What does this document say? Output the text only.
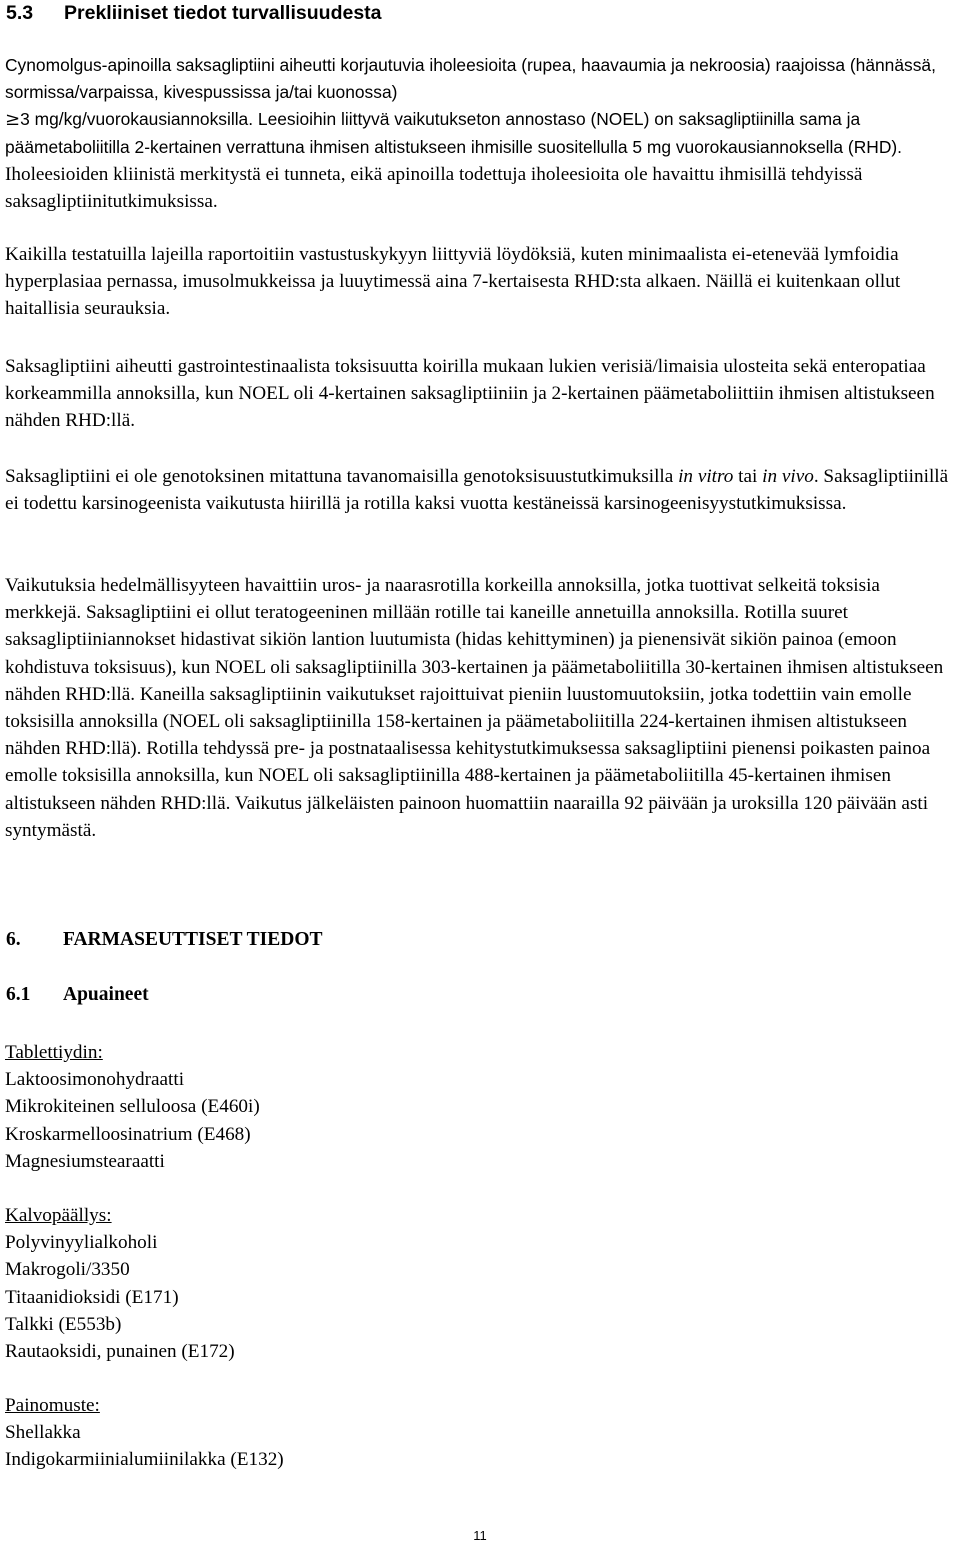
5.3 Prekliiniset tiedot turvallisuudesta

Cynomolgus-apinoilla saksagliptiini aiheutti korjautuvia iholeesioita (rupea, haavaumia ja nekroosia) raajoissa (hännässä, sormissa/varpaissa, kivespussissa ja/tai kuonossa)
≥3 mg/kg/vuorokausiannoksilla. Leesioihin liittyvä vaikutukseton annostaso (NOEL) on saksagliptiinilla sama ja päämetaboliitilla 2-kertainen verrattuna ihmisen altistukseen ihmisille suositellulla 5 mg vuorokausiannoksella (RHD). Iholeesioiden kliinistä merkitystä ei tunneta, eikä apinoilla todettuja iholeesioita ole havaittu ihmisillä tehdyissä saksagliptiinitutkimuksissa.

Kaikilla testatuilla lajeilla raportoitiin vastustuskykyyn liittyviä löydöksiä, kuten minimaalista ei-etenevää lymfoidia hyperplasiaa pernassa, imusolmukkeissa ja luuytimessä aina 7-kertaisesta RHD:sta alkaen. Näillä ei kuitenkaan ollut haitallisia seurauksia.

Saksagliptiini aiheutti gastrointestinaalista toksisuutta koirilla mukaan lukien verisiä/limaisia ulosteita sekä enteropatiaa korkeammilla annoksilla, kun NOEL oli 4-kertainen saksagliptiiniin ja 2-kertainen päämetaboliittiin ihmisen altistukseen nähden RHD:llä.

Saksagliptiini ei ole genotoksinen mitattuna tavanomaisilla genotoksisuustutkimuksilla in vitro tai in vivo. Saksagliptiinillä ei todettu karsinogeenista vaikutusta hiirillä ja rotilla kaksi vuotta kestäneissä karsinogeenisyystutkimuksissa.

Vaikutuksia hedelmällisyyteen havaittiin uros- ja naarasrotilla korkeilla annoksilla, jotka tuottivat selkeitä toksisia merkkejä. Saksagliptiini ei ollut teratogeeninen millään rotille tai kaneille annetuilla annoksilla. Rotilla suuret saksagliptiiniannokset hidastivat sikiön lantion luutumista (hidas kehittyminen) ja pienensivät sikiön painoa (emoon kohdistuva toksisuus), kun NOEL oli saksagliptiinilla 303-kertainen ja päämetaboliitilla 30-kertainen ihmisen altistukseen nähden RHD:llä. Kaneilla saksagliptiinin vaikutukset rajoittuivat pieniin luustomuutoksiin, jotka todettiin vain emolle toksisilla annoksilla (NOEL oli saksagliptiinilla 158-kertainen ja päämetaboliitilla 224-kertainen ihmisen altistukseen nähden RHD:llä). Rotilla tehdyssä pre- ja postnataalisessa kehitystutkimuksessa saksagliptiini pienensi poikasten painoa emolle toksisilla annoksilla, kun NOEL oli saksagliptiinilla 488-kertainen ja päämetaboliitilla 45-kertainen ihmisen altistukseen nähden RHD:llä. Vaikutus jälkeläisten painoon huomattiin naarailla 92 päivään ja uroksilla 120 päivään asti syntymästä.

6. FARMASEUTTISET TIEDOT
6.1 Apuaineet
Tablettiydin:
Laktoosimonohydraatti
Mikrokiteinen selluloosa (E460i)
Kroskarmelloosinatrium (E468)
Magnesiumstearaatti
Kalvopäällys:
Polyvinyylialkoholi
Makrogoli/3350
Titaanidioksidi (E171)
Talkki (E553b)
Rautaoksidi, punainen (E172)
Painomuste:
Shellakka
Indigokarmiinialumiinilakka (E132)
11
